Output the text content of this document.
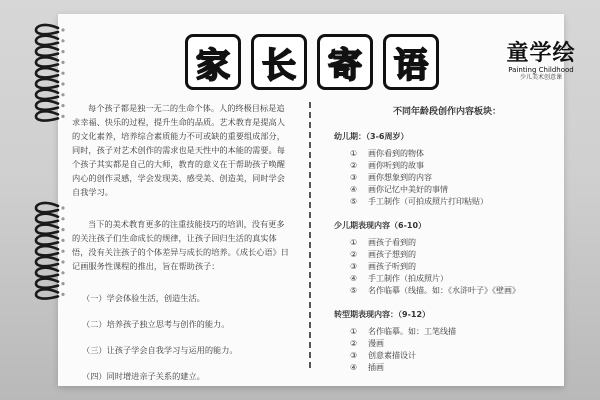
家 长 寄 语	童学绘
Painting Childhood
少儿美术创意课

每个孩子都是独一无二的生命个体。人的终极目标是追求幸福、快乐的过程，提升生命的品质。艺术教育是提高人的文化素养，培养综合素质能力不可或缺的重要组成部分，同时，孩子对艺术创作的需求也是天性中的本能的需要。每个孩子其实都是自己的大师，教育的意义在于帮助孩子唤醒内心的创作灵感，学会发现美、感受美、创造美，同时学会自我学习。

当下的美术教育更多的注重技能技巧的培训，没有更多的关注孩子们生命成长的规律，让孩子回归生活的真实体悟，没有关注孩子的个体差异与成长的培养。《成长心语》日记画服务性课程的推出，旨在帮助孩子：

（一）学会体验生活，创造生活。
（二）培养孩子独立思考与创作的能力。
（三）让孩子学会自我学习与运用的能力。
（四）同时增进亲子关系的建立。
不同年龄段创作内容板块：
幼儿期：（3-6周岁）
①	画你看到的物体
②	画你听到的故事
③	画你想象到的内容
④	画你记忆中美好的事情
⑤	手工制作（可拍成照片打印粘贴）
少儿期表现内容（6-10）
①	画孩子看到的
②	画孩子想到的
③	画孩子听到的
④	手工制作（拍成照片）
⑤	名作临摹（线描。如：《水浒叶子》《壁画》
转型期表现内容：（9-12）
①	名作临摹。如：工笔线描
②	漫画
③	创意素描设计
④	插画
